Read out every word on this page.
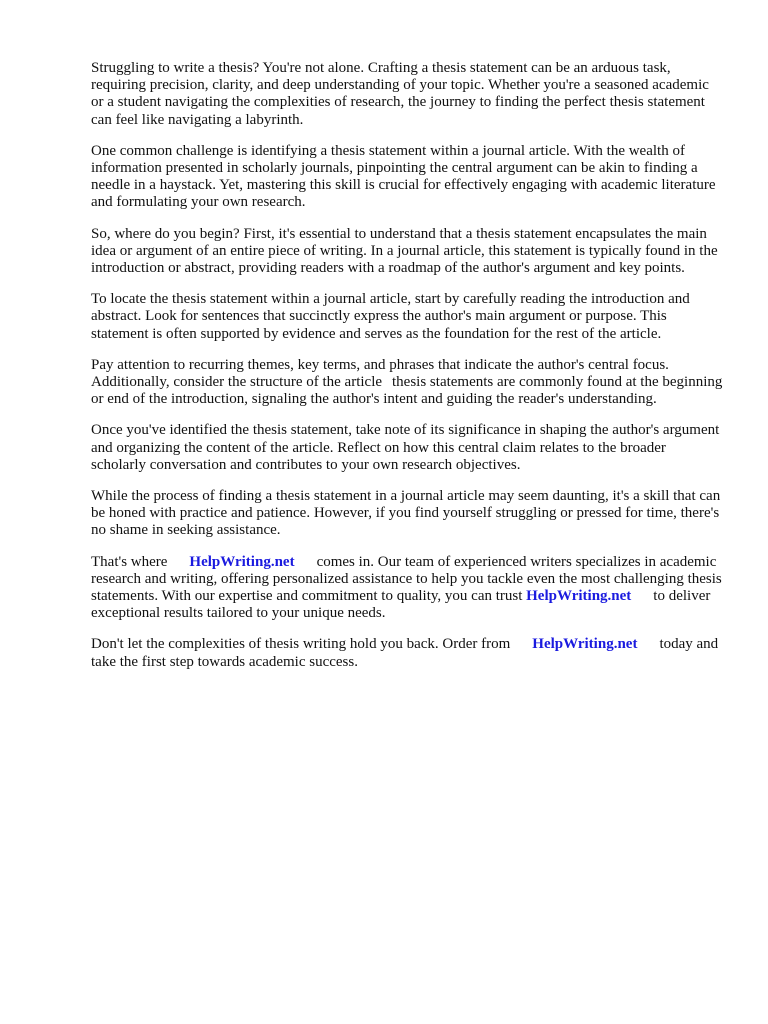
Struggling to write a thesis? You're not alone. Crafting a thesis statement can be an arduous task, requiring precision, clarity, and deep understanding of your topic. Whether you're a seasoned academic or a student navigating the complexities of research, the journey to finding the perfect thesis statement can feel like navigating a labyrinth.

One common challenge is identifying a thesis statement within a journal article. With the wealth of information presented in scholarly journals, pinpointing the central argument can be akin to finding a needle in a haystack. Yet, mastering this skill is crucial for effectively engaging with academic literature and formulating your own research.

So, where do you begin? First, it's essential to understand that a thesis statement encapsulates the main idea or argument of an entire piece of writing. In a journal article, this statement is typically found in the introduction or abstract, providing readers with a roadmap of the author's argument and key points.

To locate the thesis statement within a journal article, start by carefully reading the introduction and abstract. Look for sentences that succinctly express the author's main argument or purpose. This statement is often supported by evidence and serves as the foundation for the rest of the article.

Pay attention to recurring themes, key terms, and phrases that indicate the author's central focus. Additionally, consider the structure of the article thesis statements are commonly found at the beginning or end of the introduction, signaling the author's intent and guiding the reader's understanding.

Once you've identified the thesis statement, take note of its significance in shaping the author's argument and organizing the content of the article. Reflect on how this central claim relates to the broader scholarly conversation and contributes to your own research objectives.

While the process of finding a thesis statement in a journal article may seem daunting, it's a skill that can be honed with practice and patience. However, if you find yourself struggling or pressed for time, there's no shame in seeking assistance.

That's where HelpWriting.net comes in. Our team of experienced writers specializes in academic research and writing, offering personalized assistance to help you tackle even the most challenging thesis statements. With our expertise and commitment to quality, you can trust HelpWriting.net to deliver exceptional results tailored to your unique needs.

Don't let the complexities of thesis writing hold you back. Order from HelpWriting.net today and take the first step towards academic success.
